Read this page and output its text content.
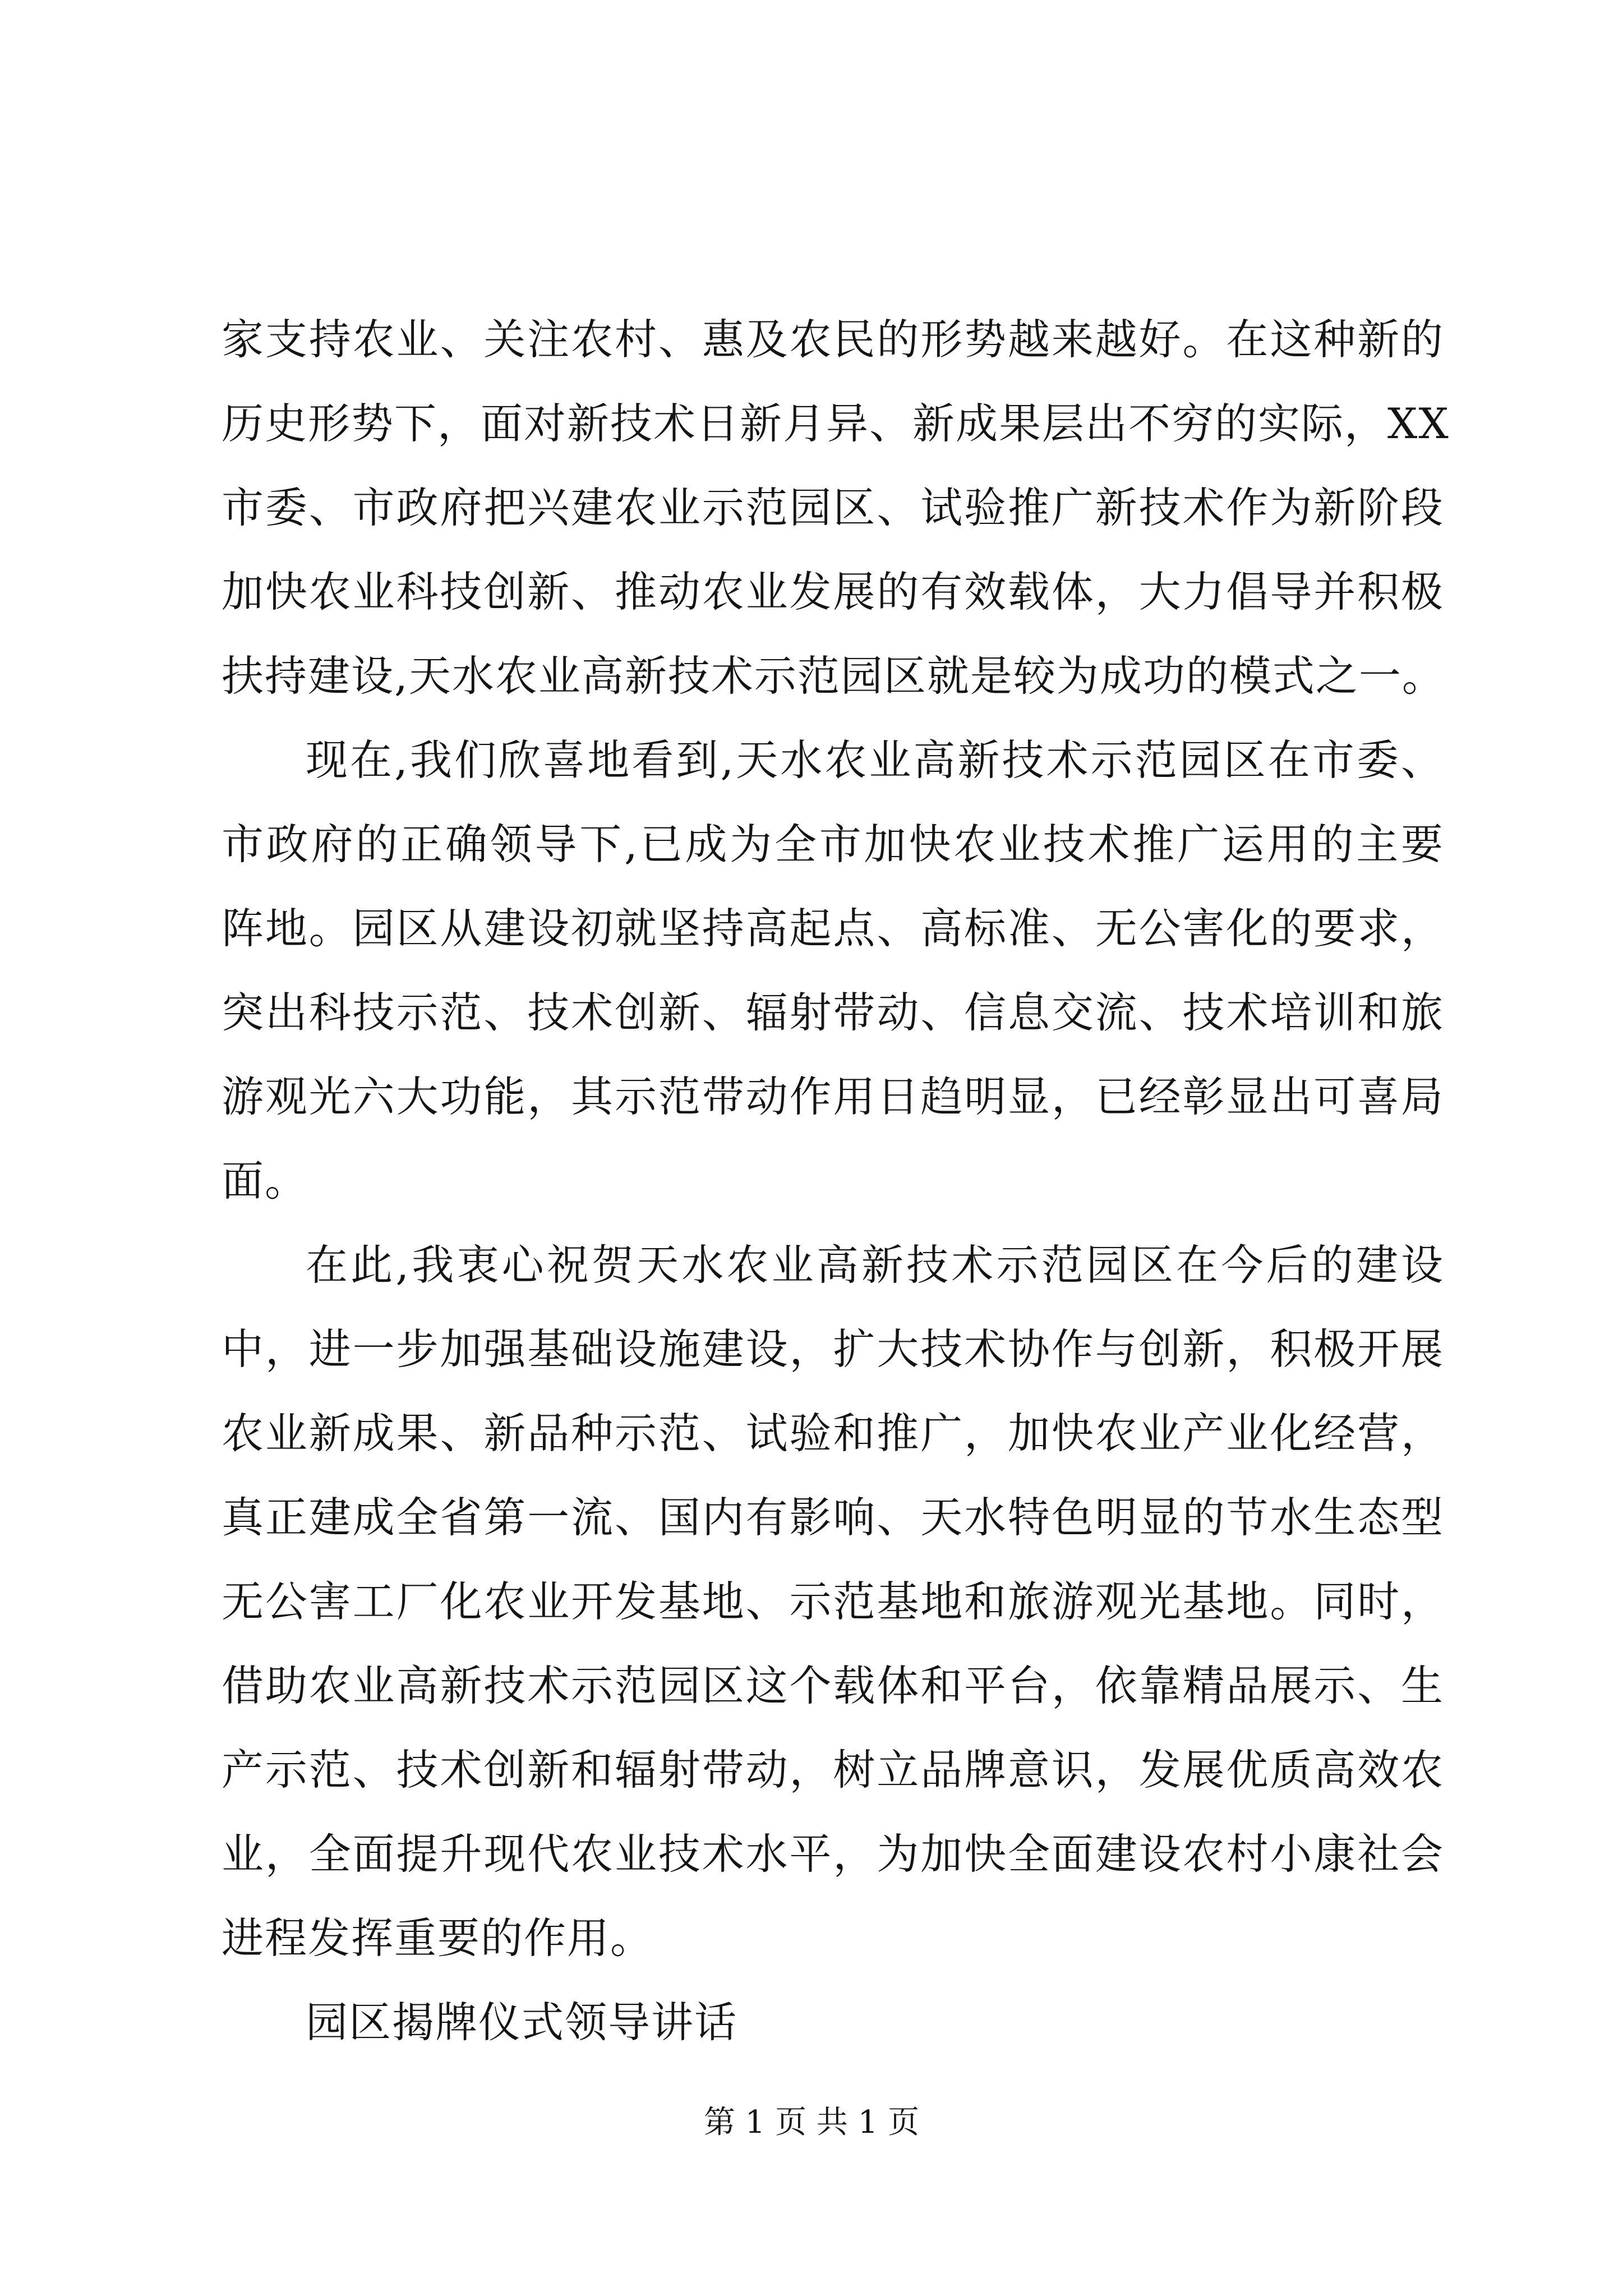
家支持农业、关注农村、惠及农民的形势越来越好。在这种新的
历史形势下，面对新技术日新月异、新成果层出不穷的实际，XX
市委、市政府把兴建农业示范园区、试验推广新技术作为新阶段
加快农业科技创新、推动农业发展的有效载体，大力倡导并积极
扶持建设,天水农业高新技术示范园区就是较为成功的模式之一。
现在,我们欣喜地看到,天水农业高新技术示范园区在市委、
市政府的正确领导下,已成为全市加快农业技术推广运用的主要
阵地。园区从建设初就坚持高起点、高标准、无公害化的要求，
突出科技示范、技术创新、辐射带动、信息交流、技术培训和旅
游观光六大功能，其示范带动作用日趋明显，已经彰显出可喜局
面。
在此,我衷心祝贺天水农业高新技术示范园区在今后的建设
中，进一步加强基础设施建设，扩大技术协作与创新，积极开展
农业新成果、新品种示范、试验和推广，加快农业产业化经营，
真正建成全省第一流、国内有影响、天水特色明显的节水生态型
无公害工厂化农业开发基地、示范基地和旅游观光基地。同时，
借助农业高新技术示范园区这个载体和平台，依靠精品展示、生
产示范、技术创新和辐射带动，树立品牌意识，发展优质高效农
业，全面提升现代农业技术水平，为加快全面建设农村小康社会
进程发挥重要的作用。
园区揭牌仪式领导讲话
第 1 页 共 1 页
